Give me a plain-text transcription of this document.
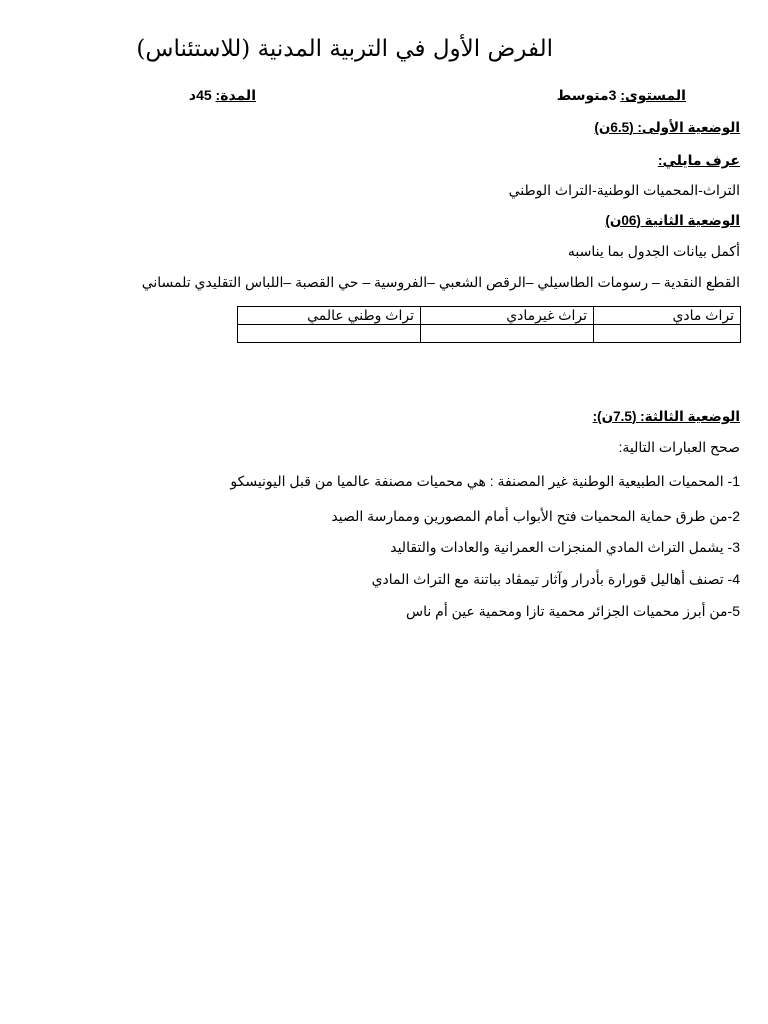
الفرض الأول في التربية المدنية (للاستئناس)
المستوى: 3متوسط
المدة: 45د
الوضعية الأولى: (6.5ن)
عرف مايلي:
التراث-المحميات الوطنية-التراث الوطني
الوضعية الثانية (06ن)
أكمل بيانات الجدول بما يناسبه
القطع النقدية – رسومات الطاسيلي –الرقص الشعبي –الفروسية – حي القصبة –اللباس التقليدي تلمساني
تراث مادي	تراث غيرمادي	تراث وطني عالمي

الوضعية الثالثة: (7.5ن):
صحح العبارات التالية:
1- المحميات الطبيعية الوطنية غير المصنفة : هي محميات مصنفة عالميا من قبل اليونيسكو
2-من طرق حماية المحميات فتح الأبواب أمام المصورين وممارسة الصيد
3- يشمل التراث المادي المنجزات العمرانية والعادات والتقاليد
4- تصنف أهاليل قورارة بأدرار وآثار تيمڨاد بباتنة مع التراث المادي
5-من أبرز محميات الجزائر محمية تازا ومحمية عين أم ناس
